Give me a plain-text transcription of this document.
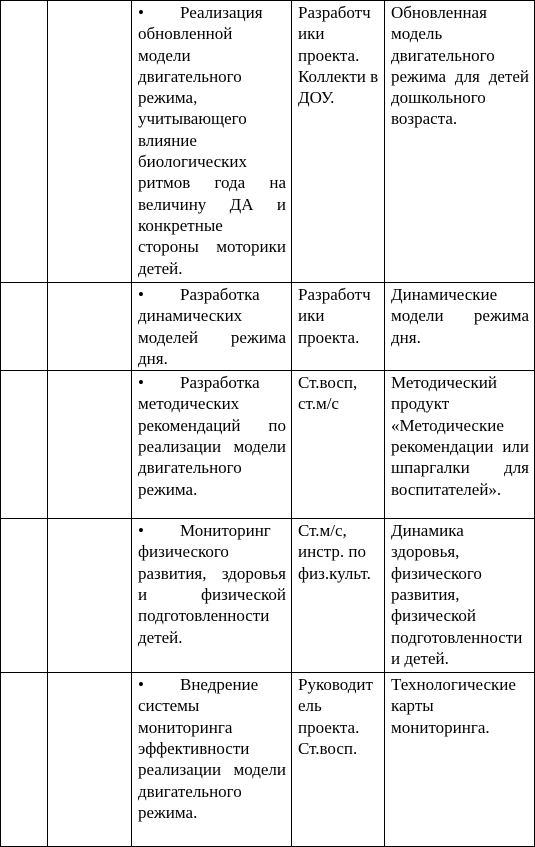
		• Реализация обновленной модели двигательного режима, учитывающего влияние биологических ритмов года на величину ДА и конкретные стороны моторики детей.	Разработчики проекта. Коллекти в ДОУ.	Обновленная модель двигательного режима для детей дошкольного возраста.
		• Разработка динамических моделей режима дня.	Разработчики проекта.	Динамические модели режима дня.
		• Разработка методических рекомендаций по реализации модели двигательного режима.	Ст.восп, ст.м/с	Методический продукт «Методические рекомендации или шпаргалки для воспитателей».
		• Мониторинг физического развития, здоровья и физической подготовленности детей.	Ст.м/с, инстр. по физ.культ.	Динамика здоровья, физического развития, физической подготовленности и детей.
		• Внедрение системы мониторинга эффективности реализации модели двигательного режима.	Руководитель проекта. Ст.восп.	Технологические карты мониторинга.
